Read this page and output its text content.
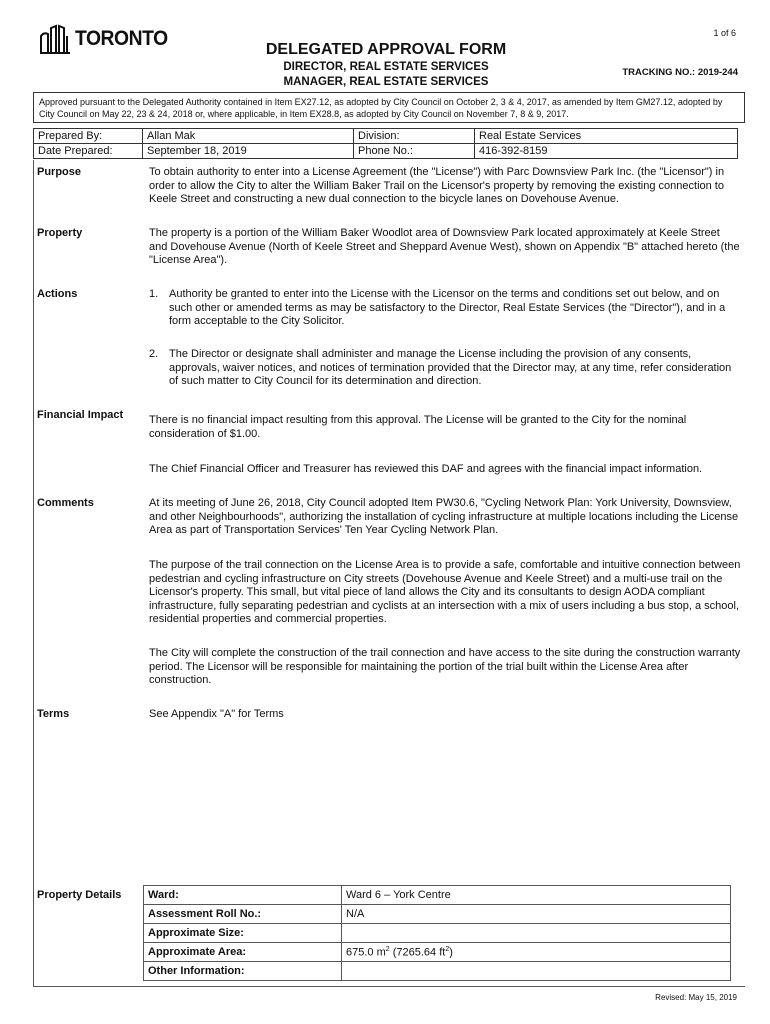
1 of 6
TORONTO	DELEGATED APPROVAL FORM
DIRECTOR, REAL ESTATE SERVICES
MANAGER, REAL ESTATE SERVICES
TRACKING NO.: 2019-244
Approved pursuant to the Delegated Authority contained in Item EX27.12, as adopted by City Council on October 2, 3 & 4, 2017, as amended by Item GM27.12, adopted by City Council on May 22, 23 & 24, 2018 or, where applicable, in Item EX28.8, as adopted by City Council on November 7, 8 & 9, 2017.
Prepared By:	Allan Mak	Division:	Real Estate Services
Date Prepared:	September 18, 2019	Phone No.:	416-392-8159
Purpose	To obtain authority to enter into a License Agreement (the "License") with Parc Downsview Park Inc. (the "Licensor") in order to allow the City to alter the William Baker Trail on the Licensor's property by removing the existing connection to Keele Street and constructing a new dual connection to the bicycle lanes on Dovehouse Avenue.
Property	The property is a portion of the William Baker Woodlot area of Downsview Park located approximately at Keele Street and Dovehouse Avenue (North of Keele Street and Sheppard Avenue West), shown on Appendix "B" attached hereto (the "License Area").
Actions	1. Authority be granted to enter into the License with the Licensor on the terms and conditions set out below, and on such other or amended terms as may be satisfactory to the Director, Real Estate Services (the "Director"), and in a form acceptable to the City Solicitor.
2. The Director or designate shall administer and manage the License including the provision of any consents, approvals, waiver notices, and notices of termination provided that the Director may, at any time, refer consideration of such matter to City Council for its determination and direction.
Financial Impact There is no financial impact resulting from this approval. The License will be granted to the City for the nominal consideration of $1.00.
The Chief Financial Officer and Treasurer has reviewed this DAF and agrees with the financial impact information.
Comments	At its meeting of June 26, 2018, City Council adopted Item PW30.6, "Cycling Network Plan: York University, Downsview, and other Neighbourhoods", authorizing the installation of cycling infrastructure at multiple locations including the License Area as part of Transportation Services' Ten Year Cycling Network Plan.
The purpose of the trail connection on the License Area is to provide a safe, comfortable and intuitive connection between pedestrian and cycling infrastructure on City streets (Dovehouse Avenue and Keele Street) and a multi-use trail on the Licensor's property. This small, but vital piece of land allows the City and its consultants to design AODA compliant infrastructure, fully separating pedestrian and cyclists at an intersection with a mix of users including a bus stop, a school, residential properties and commercial properties.
The City will complete the construction of the trail connection and have access to the site during the construction warranty period. The Licensor will be responsible for maintaining the portion of the trial built within the License Area after construction.
Terms	See Appendix "A" for Terms
Property Details Ward:	Ward 6 – York Centre
Assessment Roll No.:	N/A
Approximate Size:	
Approximate Area:	675.0 $m^2$ (7265.64 $ft^2$)
Other Information:	
Revised: May 15, 2019
